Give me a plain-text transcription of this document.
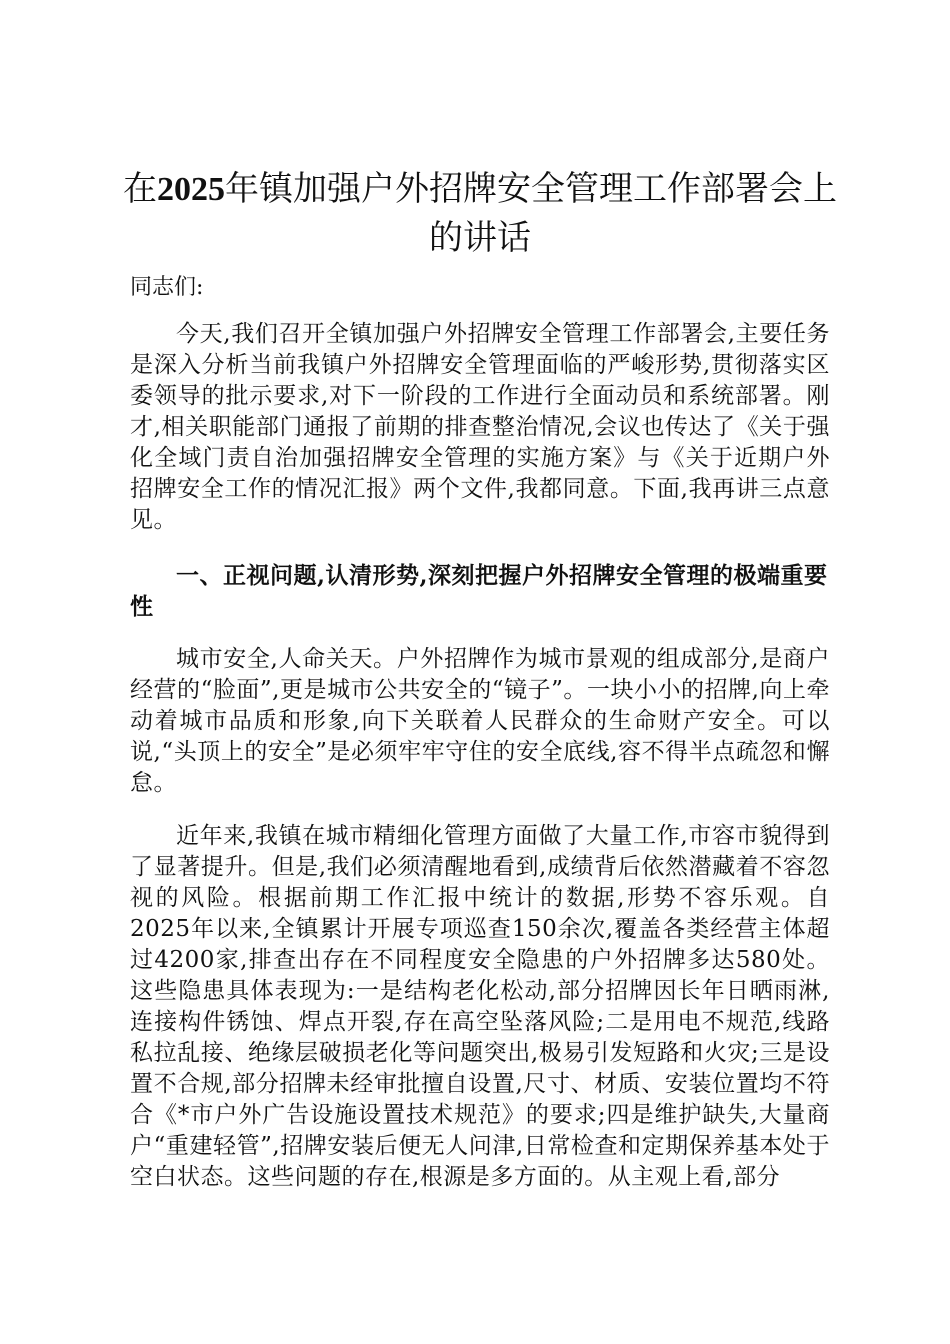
在2025年镇加强户外招牌安全管理工作部署会上的讲话

同志们:

今天,我们召开全镇加强户外招牌安全管理工作部署会,主要任务是深入分析当前我镇户外招牌安全管理面临的严峻形势,贯彻落实区委领导的批示要求,对下一阶段的工作进行全面动员和系统部署。刚才,相关职能部门通报了前期的排查整治情况,会议也传达了《关于强化全域门责自治加强招牌安全管理的实施方案》与《关于近期户外招牌安全工作的情况汇报》两个文件,我都同意。下面,我再讲三点意见。

一、正视问题,认清形势,深刻把握户外招牌安全管理的极端重要性

城市安全,人命关天。户外招牌作为城市景观的组成部分,是商户经营的“脸面”,更是城市公共安全的“镜子”。一块小小的招牌,向上牵动着城市品质和形象,向下关联着人民群众的生命财产安全。可以说,“头顶上的安全”是必须牢牢守住的安全底线,容不得半点疏忽和懈怠。

近年来,我镇在城市精细化管理方面做了大量工作,市容市貌得到了显著提升。但是,我们必须清醒地看到,成绩背后依然潜藏着不容忽视的风险。根据前期工作汇报中统计的数据,形势不容乐观。自2025年以来,全镇累计开展专项巡查150余次,覆盖各类经营主体超过4200家,排查出存在不同程度安全隐患的户外招牌多达580处。这些隐患具体表现为:一是结构老化松动,部分招牌因长年日晒雨淋,连接构件锈蚀、焊点开裂,存在高空坠落风险;二是用电不规范,线路私拉乱接、绝缘层破损老化等问题突出,极易引发短路和火灾;三是设置不合规,部分招牌未经审批擅自设置,尺寸、材质、安装位置均不符合《*市户外广告设施设置技术规范》的要求;四是维护缺失,大量商户“重建轻管”,招牌安装后便无人问津,日常检查和定期保养基本处于空白状态。这些问题的存在,根源是多方面的。从主观上看,部分
